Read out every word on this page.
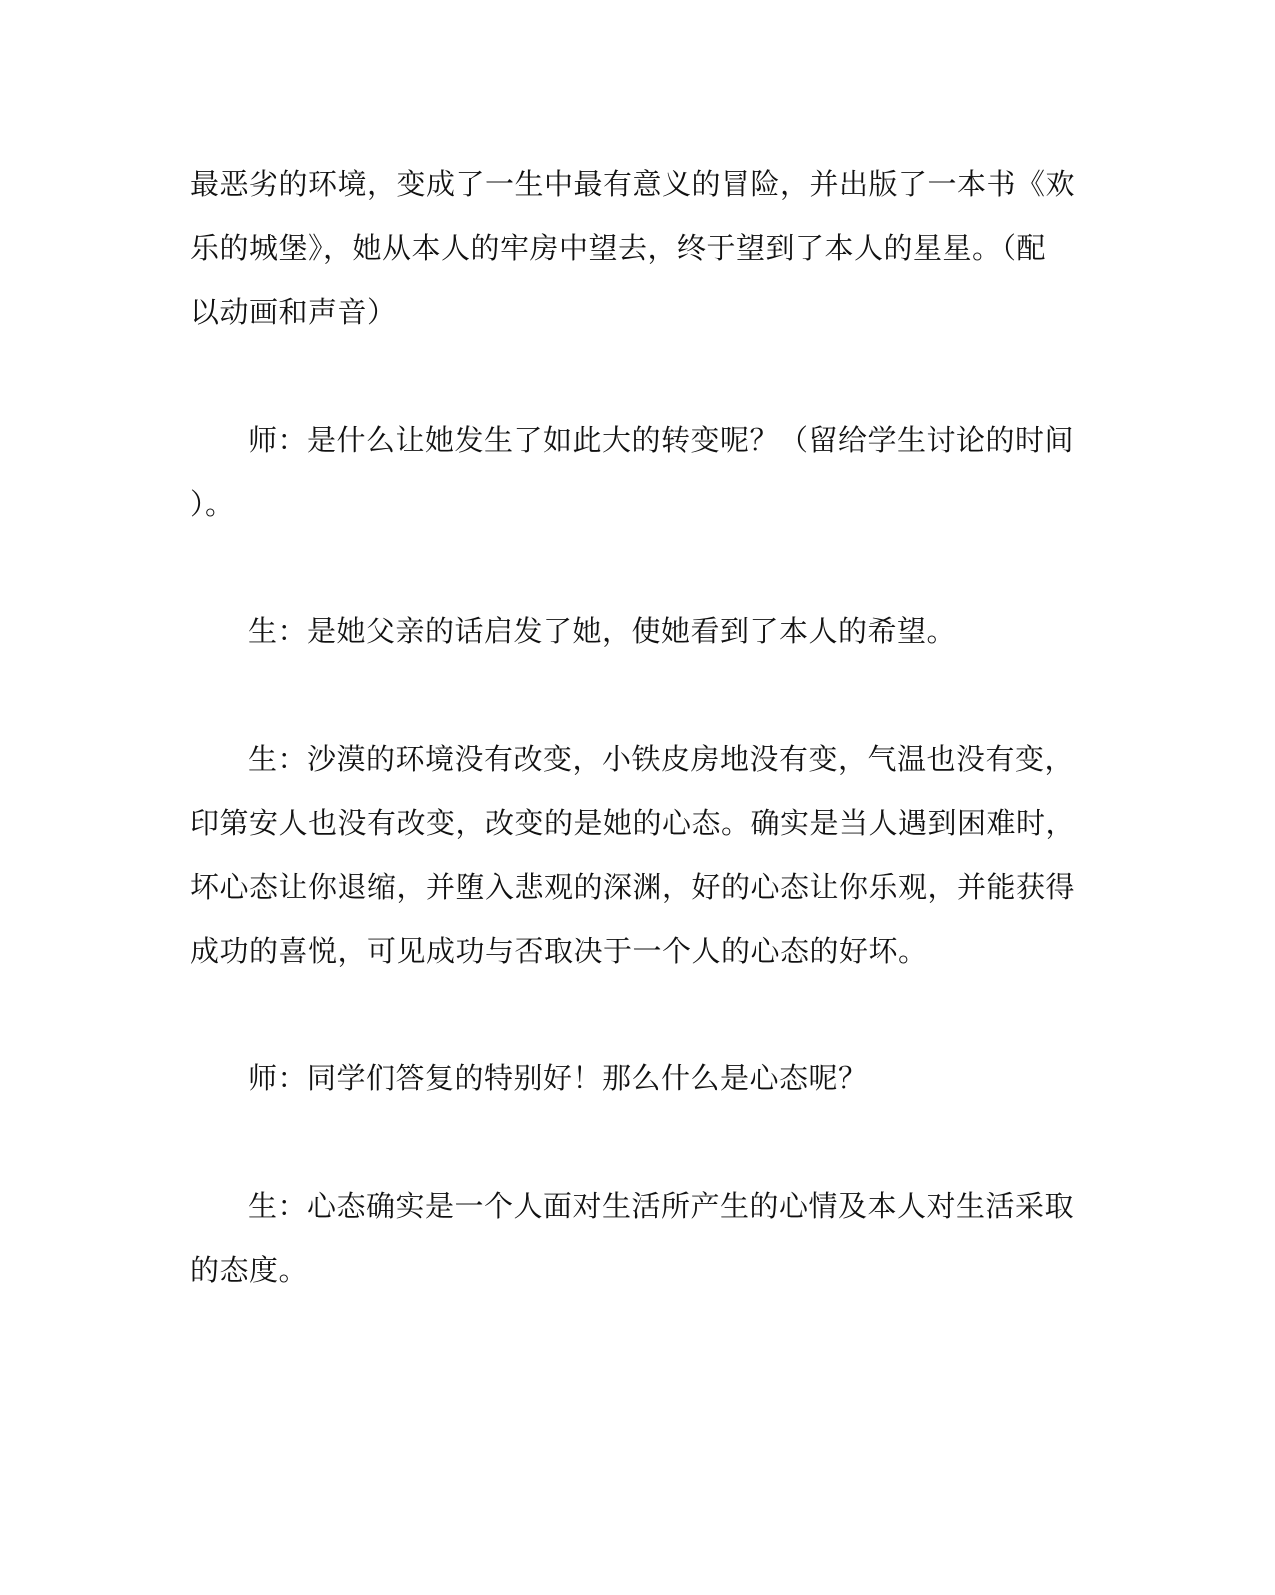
最恶劣的环境，变成了一生中最有意义的冒险，并出版了一本书《欢
乐的城堡》，她从本人的牢房中望去，终于望到了本人的星星。（配
以动画和声音）

师：是什么让她发生了如此大的转变呢？（留给学生讨论的时间
）。

生：是她父亲的话启发了她，使她看到了本人的希望。

生：沙漠的环境没有改变，小铁皮房地没有变，气温也没有变，
印第安人也没有改变，改变的是她的心态。确实是当人遇到困难时，
坏心态让你退缩，并堕入悲观的深渊，好的心态让你乐观，并能获得
成功的喜悦，可见成功与否取决于一个人的心态的好坏。

师：同学们答复的特别好！那么什么是心态呢？

生：心态确实是一个人面对生活所产生的心情及本人对生活采取
的态度。
